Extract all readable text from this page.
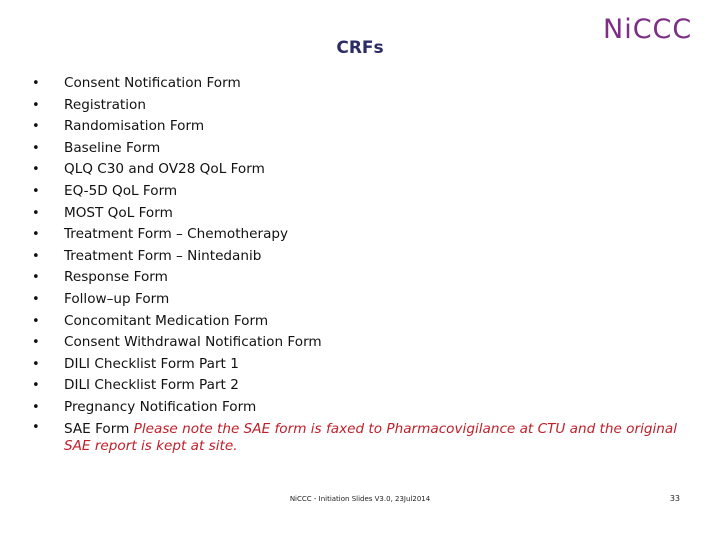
CRFs
NiCCC
• Consent Notification Form
• Registration
• Randomisation Form
• Baseline Form
• QLQ C30 and OV28 QoL Form
• EQ-5D QoL Form
• MOST QoL Form
• Treatment Form – Chemotherapy
• Treatment Form – Nintedanib
• Response Form
• Follow–up Form
• Concomitant Medication Form
• Consent Withdrawal Notification Form
• DILI Checklist Form Part 1
• DILI Checklist Form Part 2
• Pregnancy Notification Form
• SAE Form Please note the SAE form is faxed to Pharmacovigilance at CTU and the original SAE report is kept at site.
NiCCC - Initiation Slides V3.0, 23Jul2014	33
